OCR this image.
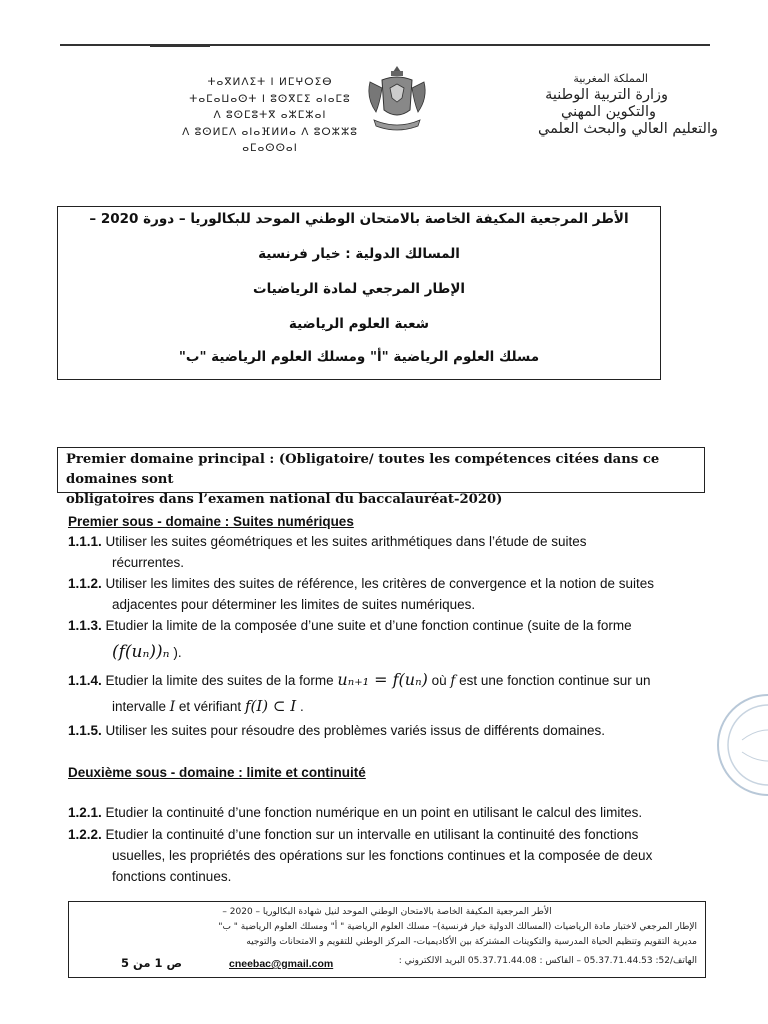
ⵜⴰⴳⵍⴷⵉⵜ ⵏ ⵍⵎⵖⵔⵉⴱ
ⵜⴰⵎⴰⵡⴰⵙⵜ ⵏ ⵓⵙⴳⵎⵉ ⴰⵏⴰⵎⵓ
ⴷ ⵓⵙⵎⵓⵜⴳ ⴰⵣⵎⵣⴰⵏ
ⴷ ⵓⵙⵍⵎⴷ ⴰⵏⴰⴼⵍⵍⴰ ⴷ ⵓⵔⵣⵣⵓ ⴰⵎⴰⵙⵙⴰⵏ
المملكة المغربية
وزارة التربية الوطنية
والتكوين المهني
والتعليم العالي والبحث العلمي
الأطر المرجعية المكيفة الخاصة بالامتحان الوطني الموحد للبكالوريا – دورة 2020 –
المسالك الدولية : خيار فرنسية
الإطار المرجعي لمادة الرياضيات
شعبة العلوم الرياضية
مسلك العلوم الرياضية "أ" ومسلك العلوم الرياضية "ب"
Premier domaine principal : (Obligatoire/ toutes les compétences citées dans ce domaines sont
obligatoires dans l’examen national du baccalauréat-2020)
Premier sous - domaine : Suites numériques
1.1.1. Utiliser les suites géométriques et les suites arithmétiques dans l’étude de suites
récurrentes.
1.1.2. Utiliser les limites des suites de référence, les critères de convergence et la notion de suites
adjacentes pour déterminer les limites de suites numériques.
1.1.3. Etudier la limite de la composée d’une suite et d’une fonction continue (suite de la forme
(f(uₙ))ₙ ).
1.1.4. Etudier la limite des suites de la forme uₙ₊₁ = f(uₙ) où f est une fonction continue sur un
intervalle I et vérifiant f(I) ⊂ I .
1.1.5. Utiliser les suites pour résoudre des problèmes variés issus de différents domaines.
Deuxième sous - domaine : limite et continuité
1.2.1. Etudier la continuité d’une fonction numérique en un point en utilisant le calcul des limites.
1.2.2. Etudier la continuité d’une fonction sur un intervalle en utilisant la continuité des fonctions
usuelles, les propriétés des opérations sur les fonctions continues et la composée de deux
fonctions continues.
الأطر المرجعية المكيفة الخاصة بالامتحان الوطني الموحد لنيل شهادة البكالوريا – 2020 –
الإطار المرجعي لاختبار مادة الرياضيات (المسالك الدولية خيار فرنسية)– مسلك العلوم الرياضية " أ" ومسلك العلوم الرياضية " ب"
مديرية التقويم وتنظيم الحياة المدرسية والتكوينات المشتركة بين الأكاديميات- المركز الوطني للتقويم و الامتحانات والتوجيه
الهاتف/52: 05.37.71.44.53 – الفاكس : 05.37.71.44.08 البريد الالكتروني :
cneebac@gmail.com
ص 1 من 5
